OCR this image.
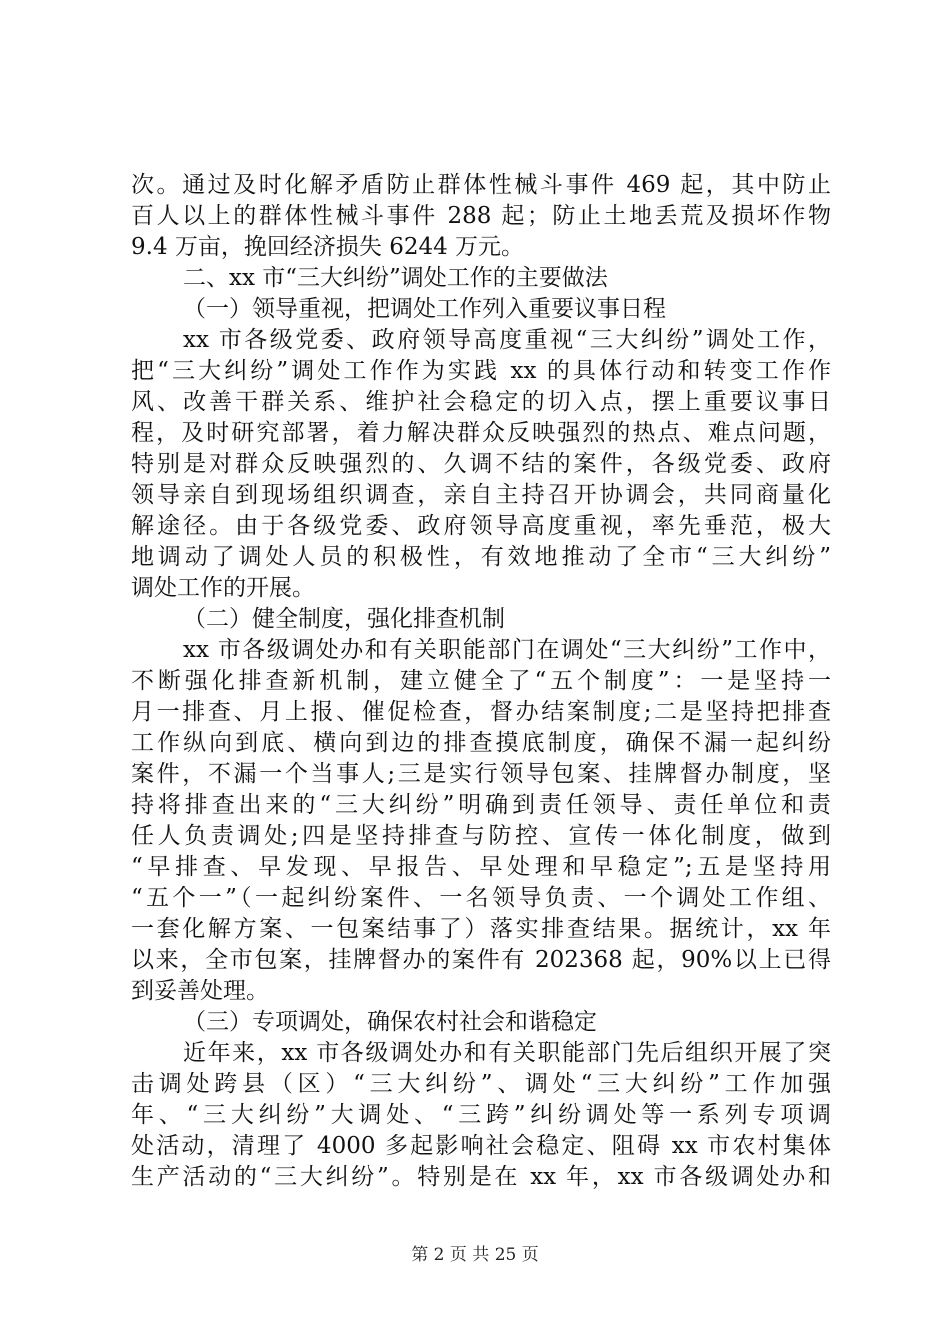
次。通过及时化解矛盾防止群体性械斗事件 469 起，其中防止
百人以上的群体性械斗事件 288 起；防止土地丢荒及损坏作物
9.4 万亩，挽回经济损失 6244 万元。
二、xx 市“三大纠纷”调处工作的主要做法
（一）领导重视，把调处工作列入重要议事日程
xx 市各级党委、政府领导高度重视“三大纠纷”调处工作，
把“三大纠纷”调处工作作为实践 xx 的具体行动和转变工作作
风、改善干群关系、维护社会稳定的切入点，摆上重要议事日
程，及时研究部署，着力解决群众反映强烈的热点、难点问题，
特别是对群众反映强烈的、久调不结的案件，各级党委、政府
领导亲自到现场组织调查，亲自主持召开协调会，共同商量化
解途径。由于各级党委、政府领导高度重视，率先垂范，极大
地调动了调处人员的积极性，有效地推动了全市“三大纠纷”
调处工作的开展。
（二）健全制度，强化排查机制
xx 市各级调处办和有关职能部门在调处“三大纠纷”工作中，
不断强化排查新机制，建立健全了“五个制度”：一是坚持一
月一排查、月上报、催促检查，督办结案制度;二是坚持把排查
工作纵向到底、横向到边的排查摸底制度，确保不漏一起纠纷
案件，不漏一个当事人;三是实行领导包案、挂牌督办制度，坚
持将排查出来的“三大纠纷”明确到责任领导、责任单位和责
任人负责调处;四是坚持排查与防控、宣传一体化制度，做到
“早排查、早发现、早报告、早处理和早稳定”;五是坚持用
“五个一”（一起纠纷案件、一名领导负责、一个调处工作组、
一套化解方案、一包案结事了）落实排查结果。据统计，xx 年
以来，全市包案，挂牌督办的案件有 202368 起，90%以上已得
到妥善处理。
（三）专项调处，确保农村社会和谐稳定
近年来，xx 市各级调处办和有关职能部门先后组织开展了突
击调处跨县（区）“三大纠纷”、调处“三大纠纷”工作加强
年、“三大纠纷”大调处、“三跨”纠纷调处等一系列专项调
处活动，清理了 4000 多起影响社会稳定、阻碍 xx 市农村集体
生产活动的“三大纠纷”。特别是在 xx 年，xx 市各级调处办和
第 2 页 共 25 页
